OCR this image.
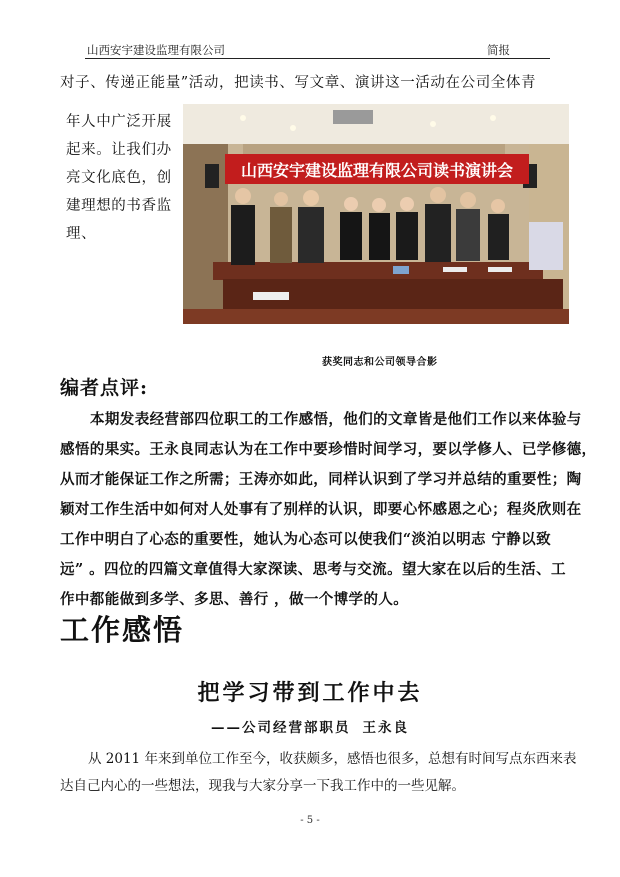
山西安宇建设监理有限公司	简报
对子、传递正能量”活动，把读书、写文章、演讲这一活动在公司全体青
年人中广泛开展
起来。让我们办
亮文化底色，创
建理想的书香监
理、
山西安宇建设监理有限公司读书演讲会
获奖同志和公司领导合影
编者点评:
本期发表经营部四位职工的工作感悟，他们的文章皆是他们工作以来体验与
感悟的果实。王永良同志认为在工作中要珍惜时间学习，要以学修人、已学修德，
从而才能保证工作之所需；王涛亦如此，同样认识到了学习并总结的重要性；陶
颖对工作生活中如何对人处事有了别样的认识，即要心怀感恩之心；程炎欣则在
工作中明白了心态的重要性，她认为心态可以使我们“淡泊以明志 宁静以致
远” 。四位的四篇文章值得大家深读、思考与交流。望大家在以后的生活、工
作中都能做到多学、多思、善行 ，做一个博学的人。
工作感悟
把学习带到工作中去
——公司经营部职员 王永良
从 2011 年来到单位工作至今，收获颇多，感悟也很多，总想有时间写点东西来表
达自己内心的一些想法，现我与大家分享一下我工作中的一些见解。
- 5 -
